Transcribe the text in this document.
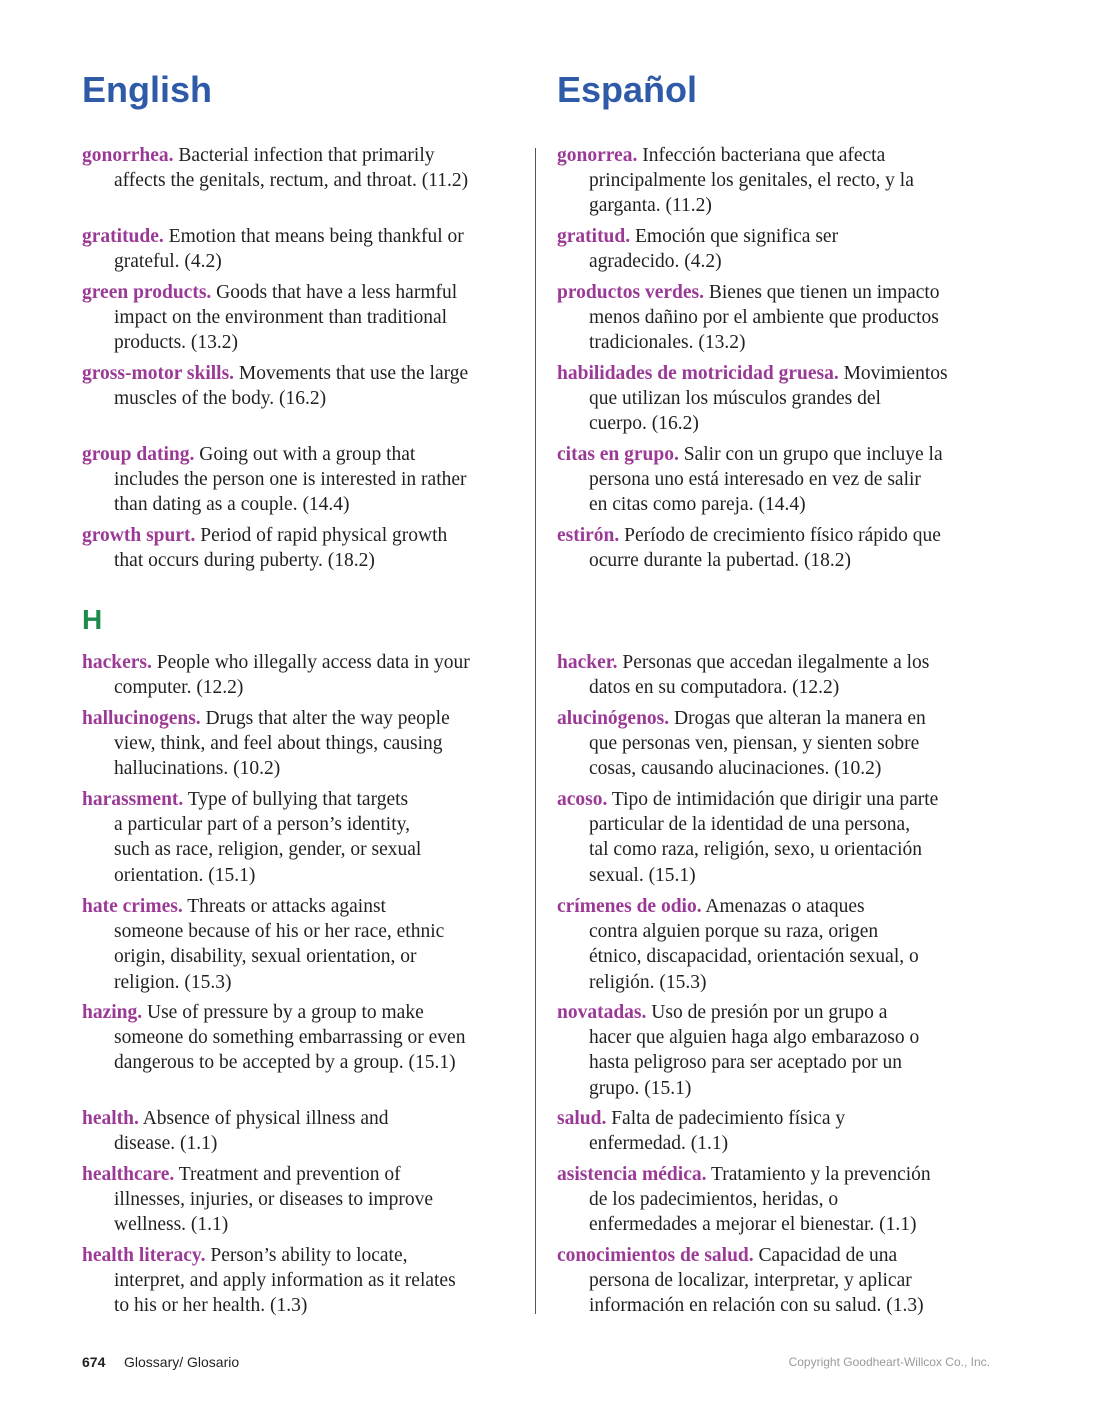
English	Español

gonorrhea. Bacterial infection that primarily
affects the genitals, rectum, and throat. (11.2)

gratitude. Emotion that means being thankful or
grateful. (4.2)

green products. Goods that have a less harmful
impact on the environment than traditional
products. (13.2)

gross-motor skills. Movements that use the large
muscles of the body. (16.2)

group dating. Going out with a group that
includes the person one is interested in rather
than dating as a couple. (14.4)

growth spurt. Period of rapid physical growth
that occurs during puberty. (18.2)

H

hackers. People who illegally access data in your
computer. (12.2)

hallucinogens. Drugs that alter the way people
view, think, and feel about things, causing
hallucinations. (10.2)

harassment. Type of bullying that targets
a particular part of a person’s identity,
such as race, religion, gender, or sexual
orientation. (15.1)

hate crimes. Threats or attacks against
someone because of his or her race, ethnic
origin, disability, sexual orientation, or
religion. (15.3)

hazing. Use of pressure by a group to make
someone do something embarrassing or even
dangerous to be accepted by a group. (15.1)

health. Absence of physical illness and
disease. (1.1)

healthcare. Treatment and prevention of
illnesses, injuries, or diseases to improve
wellness. (1.1)

health literacy. Person’s ability to locate,
interpret, and apply information as it relates
to his or her health. (1.3)

gonorrea. Infección bacteriana que afecta
principalmente los genitales, el recto, y la
garganta. (11.2)

gratitud. Emoción que significa ser
agradecido. (4.2)

productos verdes. Bienes que tienen un impacto
menos dañino por el ambiente que productos
tradicionales. (13.2)

habilidades de motricidad gruesa. Movimientos
que utilizan los músculos grandes del
cuerpo. (16.2)

citas en grupo. Salir con un grupo que incluye la
persona uno está interesado en vez de salir
en citas como pareja. (14.4)

estirón. Período de crecimiento físico rápido que
ocurre durante la pubertad. (18.2)

hacker. Personas que accedan ilegalmente a los
datos en su computadora. (12.2)

alucinógenos. Drogas que alteran la manera en
que personas ven, piensan, y sienten sobre
cosas, causando alucinaciones. (10.2)

acoso. Tipo de intimidación que dirigir una parte
particular de la identidad de una persona,
tal como raza, religión, sexo, u orientación
sexual. (15.1)

crímenes de odio. Amenazas o ataques
contra alguien porque su raza, origen
étnico, discapacidad, orientación sexual, o
religión. (15.3)

novatadas. Uso de presión por un grupo a
hacer que alguien haga algo embarazoso o
hasta peligroso para ser aceptado por un
grupo. (15.1)

salud. Falta de padecimiento física y
enfermedad. (1.1)

asistencia médica. Tratamiento y la prevención
de los padecimientos, heridas, o
enfermedades a mejorar el bienestar. (1.1)

conocimientos de salud. Capacidad de una
persona de localizar, interpretar, y aplicar
información en relación con su salud. (1.3)

674 Glossary/ Glosario	Copyright Goodheart-Willcox Co., Inc.
